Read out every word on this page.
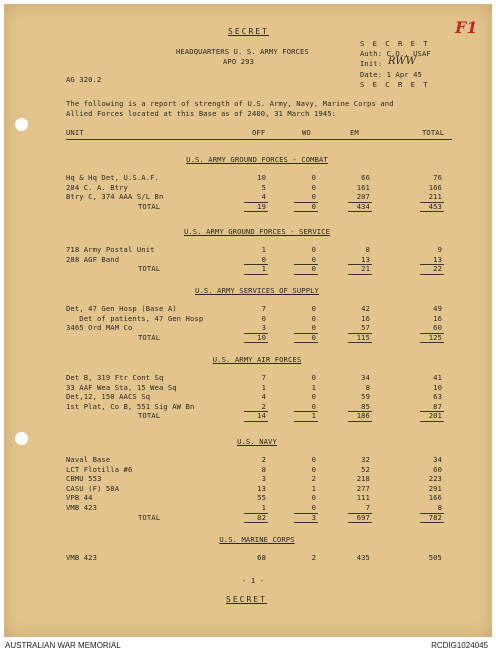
F1
SECRET
HEADQUARTERS U. S. ARMY FORCES
APO 293
AG 320.2
S E C R E T
Auth: C.O., USAF
Init: RWW
Date: 1 Apr 45
S E C R E T
The following is a report of strength of U.S. Army, Navy, Marine Corps and
Allied Forces located at this Base as of 2400, 31 March 1945:
UNIT	OFF	WO	EM	TOTAL
U.S. ARMY GROUND FORCES - COMBAT
Hq & Hq Det, U.S.A.F.	10	0	66	76
284 C. A. Btry	5	0	161	166
Btry C, 374 AAA S/L Bn	4	0	207	211
TOTAL	19	0	434	453
U.S. ARMY GROUND FORCES - SERVICE
718 Army Postal Unit	1	0	8	9
288 AGF Band	0	0	13	13
TOTAL	1	0	21	22
U.S. ARMY SERVICES OF SUPPLY
Det, 47 Gen Hosp (Base A)	7	0	42	49
Det of patients, 47 Gen Hosp	0	0	16	16
3465 Ord MAM Co	3	0	57	60
TOTAL	10	0	115	125
U.S. ARMY AIR FORCES
Det B, 319 Ftr Cont Sq	7	0	34	41
33 AAF Wea Sta, 15 Wea Sq	1	1	8	10
Det,12, 150 AACS Sq	4	0	59	63
1st Plat, Co B, 551 Sig AW Bn	2	0	85	87
TOTAL	14	1	186	201
U.S. NAVY
Naval Base	2	0	32	34
LCT Flotilla #6	8	0	52	60
CBMU 553	3	2	218	223
CASU (F) 58A	13	1	277	291
VPB 44	55	0	111	166
VMB 423	1	0	7	8
TOTAL	82	3	697	782
U.S. MARINE CORPS
VMB 423	68	2	435	505
- 1 -
SECRET
AUSTRALIAN WAR MEMORIAL	RCDIG1024045
